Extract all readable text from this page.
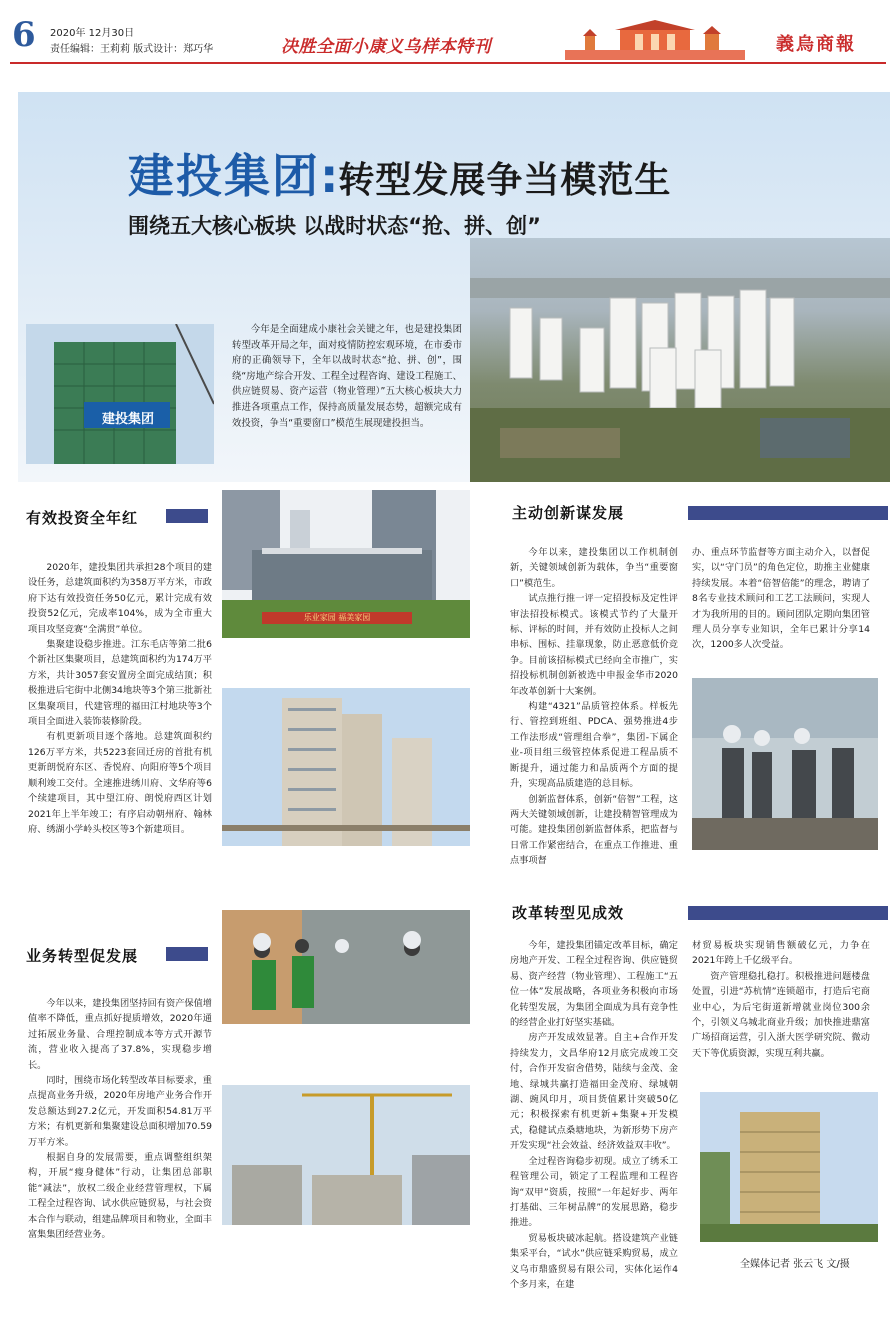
6 2020年 12月30日
责任编辑：王莉莉 版式设计：郑巧华	决胜全面小康义乌样本特刊	義烏商報
建投集团:转型发展争当模范生
围绕五大核心板块 以战时状态“抢、拼、创”
建投集团
今年是全面建成小康社会关键之年，也是建投集团转型改革开局之年，面对疫情防控宏观环境，在市委市府的正确领导下，全年以战时状态“抢、拼、创”，围绕“房地产综合开发、工程全过程咨询、建设工程施工、供应链贸易、资产运营（物业管理）”五大核心板块大力推进各项重点工作，保持高质量发展态势，超额完成有效投资，争当“重要窗口”模范生展现建投担当。
有效投资全年红

2020年，建投集团共承担28个项目的建设任务，总建筑面积约为358万平方米，市政府下达有效投资任务50亿元，累计完成有效投资52亿元，完成率104%，成为全市重大项目攻坚竞赛“全满贯”单位。

集聚建设稳步推进。江东毛店等第二批6个新社区集聚项目，总建筑面积约为174万平方米，共计3057套安置房全面完成结顶；积极推进后宅街中北侧34地块等3个第三批新社区集聚项目，代建管理的福田江村地块等3个项目全面进入装饰装修阶段。

有机更新项目逐个落地。总建筑面积约126万平方米，共5223套回迁房的首批有机更新朗悦府东区、香悦府、向阳府等5个项目顺利竣工交付。全速推进绣川府、文华府等6个续建项目，其中望江府、朗悦府西区计划2021年上半年竣工；有序启动朝州府、翰林府、绣湖小学岭头校区等3个新建项目。

业务转型促发展

今年以来，建投集团坚持回有资产保值增值率不降低，重点抓好提质增效，2020年通过拓展业务量、合理控制成本等方式开源节流，营业收入提高了37.8%，实现稳步增长。

同时，围绕市场化转型改革目标要求，重点提高业务升级，2020年房地产业务合作开发总额达到27.2亿元，开发面积54.81万平方米；有机更新和集聚建设总面积增加70.59万平方米。

根据自身的发展需要，重点调整组织架构，开展“瘦身健体”行动，让集团总部职能“减法”，放权二级企业经营管理权，下属工程全过程咨询、试水供应链贸易，与社会资本合作与联动，组建品牌项目和物业，全面丰富集集团经营业务。

乐业家园 福美家园
主动创新谋发展

今年以来，建投集团以工作机制创新，关键领域创新为载体，争当“重要窗口”模范生。

试点推行推一评一定招投标及定性评审法招投标模式。该模式节约了大量开标、评标的时间，并有效防止投标人之间串标、围标、挂靠现象，防止恶意低价竞争。目前该招标模式已经向全市推广，实招投标机制创新被选中申报金华市2020年改革创新十大案例。

构建“4321”品质管控体系。样板先行、管控到班组、PDCA、强势推进4步工作法形成“管理组合拳”，集团-下属企业-项目组三级管控体系促进工程品质不断提升，通过能力和品质两个方面的提升，实现高品质建造的总目标。

创新监督体系，创新“倍智”工程，这两大关键领域创新，让建投精智管理成为可能。建投集团创新监督体系，把监督与日常工作紧密结合，在重点工作推进、重点事项督

办、重点环节监督等方面主动介入，以督促实，以“守门员”的角色定位，助推主业健康持续发展。本着“倍智倍能”的理念，聘请了8名专业技术顾问和工艺工法顾问，实现人才为我所用的目的。顾问团队定期向集团管理人员分享专业知识，全年已累计分享14次，1200多人次受益。

改革转型见成效

今年，建投集团锚定改革目标，确定房地产开发、工程全过程咨询、供应链贸易、资产经营（物业管理）、工程施工“五位一体”发展战略，各项业务积极向市场化转型发展，为集团全面成为具有竞争性的经营企业打好坚实基础。

房产开发成效显著。自主+合作开发持续发力，文昌华府12月底完成竣工交付，合作开发宿舍借势，陆续与金茂、金地、绿城共赢打造福田金茂府、绿城朝湖、豌风印月，项目货值累计突破50亿元；积极探索有机更新+集聚+开发模式，稳健试点桑塘地块，为新形势下房产开发实现“社会效益、经济效益双丰收”。

全过程咨询稳步初现。成立了绣禾工程管理公司，锁定了工程监理和工程咨询“双甲”资质，按照“一年起好步、两年打基础、三年树品牌”的发展思路，稳步推进。

贸易板块破冰起航。搭设建筑产业链集采平台，“试水”供应链采购贸易，成立义乌市鼎盛贸易有限公司，实体化运作4个多月来，在建

材贸易板块实现销售额破亿元，力争在2021年跨上千亿级平台。

资产管理稳扎稳打。积极推进问题楼盘处置，引进“苏杭情”连锁超市，打造后宅商业中心，为后宅街道新增就业岗位300余个，引领义乌城北商业升级；加快推进鼎富广场招商运营，引入浙大医学研究院、微动天下等优质资源，实现互利共赢。

全媒体记者 张云飞 文/摄
